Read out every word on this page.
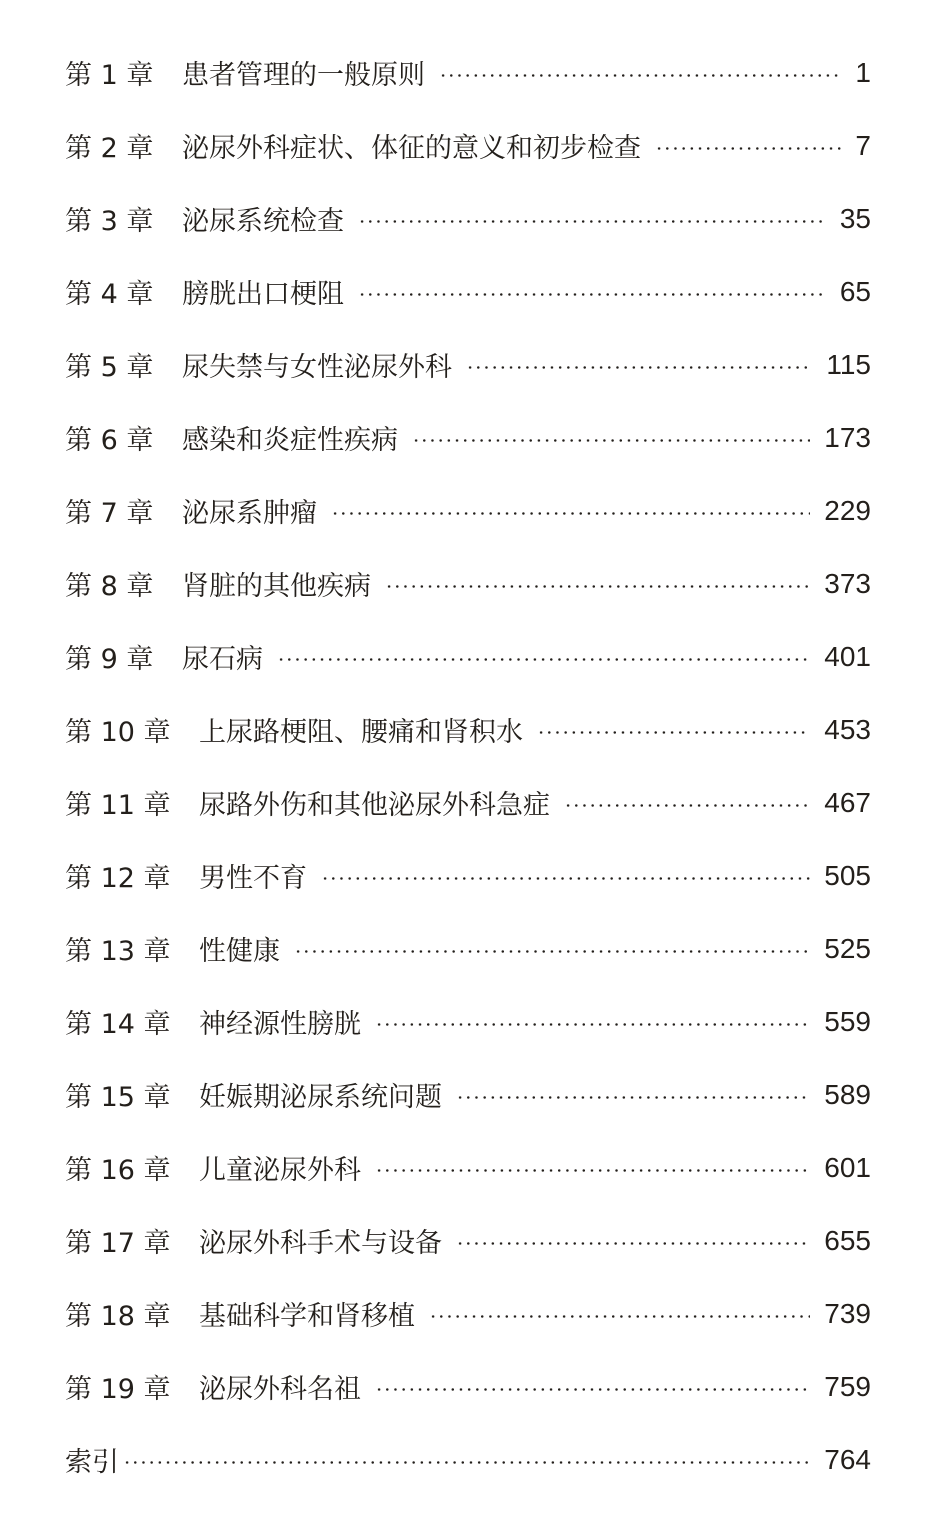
第 1 章	患者管理的一般原则	1
第 2 章	泌尿外科症状、体征的意义和初步检查	7
第 3 章	泌尿系统检查	35
第 4 章	膀胱出口梗阻	65
第 5 章	尿失禁与女性泌尿外科	115
第 6 章	感染和炎症性疾病	173
第 7 章	泌尿系肿瘤	229
第 8 章	肾脏的其他疾病	373
第 9 章	尿石病	401
第 10 章	上尿路梗阻、腰痛和肾积水	453
第 11 章	尿路外伤和其他泌尿外科急症	467
第 12 章	男性不育	505
第 13 章	性健康	525
第 14 章	神经源性膀胱	559
第 15 章	妊娠期泌尿系统问题	589
第 16 章	儿童泌尿外科	601
第 17 章	泌尿外科手术与设备	655
第 18 章	基础科学和肾移植	739
第 19 章	泌尿外科名祖	759
索引	764
